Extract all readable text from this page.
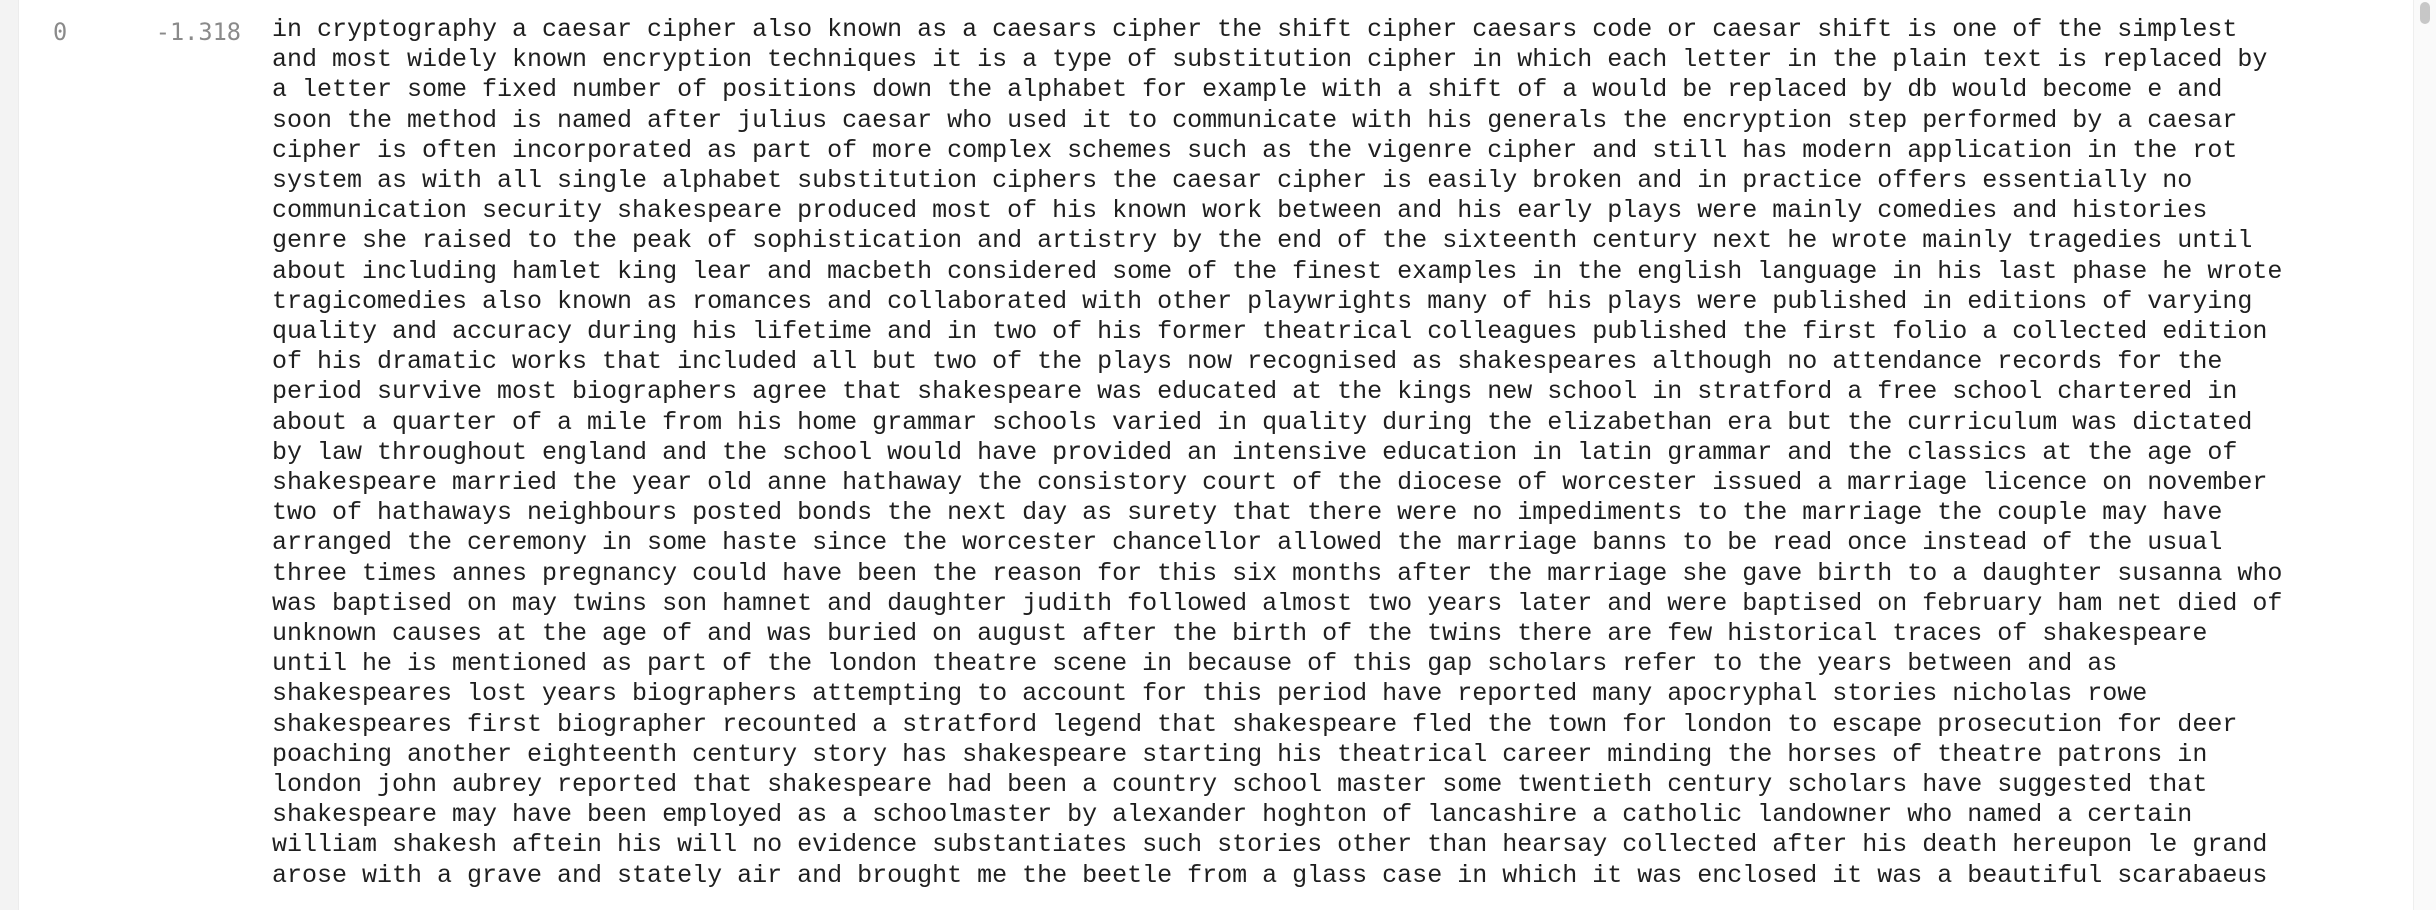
0	-1.318 in cryptography a caesar cipher also known as a caesars cipher the shift cipher caesars code or caesar shift is one of the simplest
and most widely known encryption techniques it is a type of substitution cipher in which each letter in the plain text is replaced by
a letter some fixed number of positions down the alphabet for example with a shift of a would be replaced by db would become e and
soon the method is named after julius caesar who used it to communicate with his generals the encryption step performed by a caesar
cipher is often incorporated as part of more complex schemes such as the vigenre cipher and still has modern application in the rot
system as with all single alphabet substitution ciphers the caesar cipher is easily broken and in practice offers essentially no
communication security shakespeare produced most of his known work between and his early plays were mainly comedies and histories
genre she raised to the peak of sophistication and artistry by the end of the sixteenth century next he wrote mainly tragedies until
about including hamlet king lear and macbeth considered some of the finest examples in the english language in his last phase he wrote
tragicomedies also known as romances and collaborated with other playwrights many of his plays were published in editions of varying
quality and accuracy during his lifetime and in two of his former theatrical colleagues published the first folio a collected edition
of his dramatic works that included all but two of the plays now recognised as shakespeares although no attendance records for the
period survive most biographers agree that shakespeare was educated at the kings new school in stratford a free school chartered in
about a quarter of a mile from his home grammar schools varied in quality during the elizabethan era but the curriculum was dictated
by law throughout england and the school would have provided an intensive education in latin grammar and the classics at the age of
shakespeare married the year old anne hathaway the consistory court of the diocese of worcester issued a marriage licence on november
two of hathaways neighbours posted bonds the next day as surety that there were no impediments to the marriage the couple may have
arranged the ceremony in some haste since the worcester chancellor allowed the marriage banns to be read once instead of the usual
three times annes pregnancy could have been the reason for this six months after the marriage she gave birth to a daughter susanna who
was baptised on may twins son hamnet and daughter judith followed almost two years later and were baptised on february ham net died of
unknown causes at the age of and was buried on august after the birth of the twins there are few historical traces of shakespeare
until he is mentioned as part of the london theatre scene in because of this gap scholars refer to the years between and as
shakespeares lost years biographers attempting to account for this period have reported many apocryphal stories nicholas rowe
shakespeares first biographer recounted a stratford legend that shakespeare fled the town for london to escape prosecution for deer
poaching another eighteenth century story has shakespeare starting his theatrical career minding the horses of theatre patrons in
london john aubrey reported that shakespeare had been a country school master some twentieth century scholars have suggested that
shakespeare may have been employed as a schoolmaster by alexander hoghton of lancashire a catholic landowner who named a certain
william shakesh aftein his will no evidence substantiates such stories other than hearsay collected after his death hereupon le grand
arose with a grave and stately air and brought me the beetle from a glass case in which it was enclosed it was a beautiful scarabaeus
